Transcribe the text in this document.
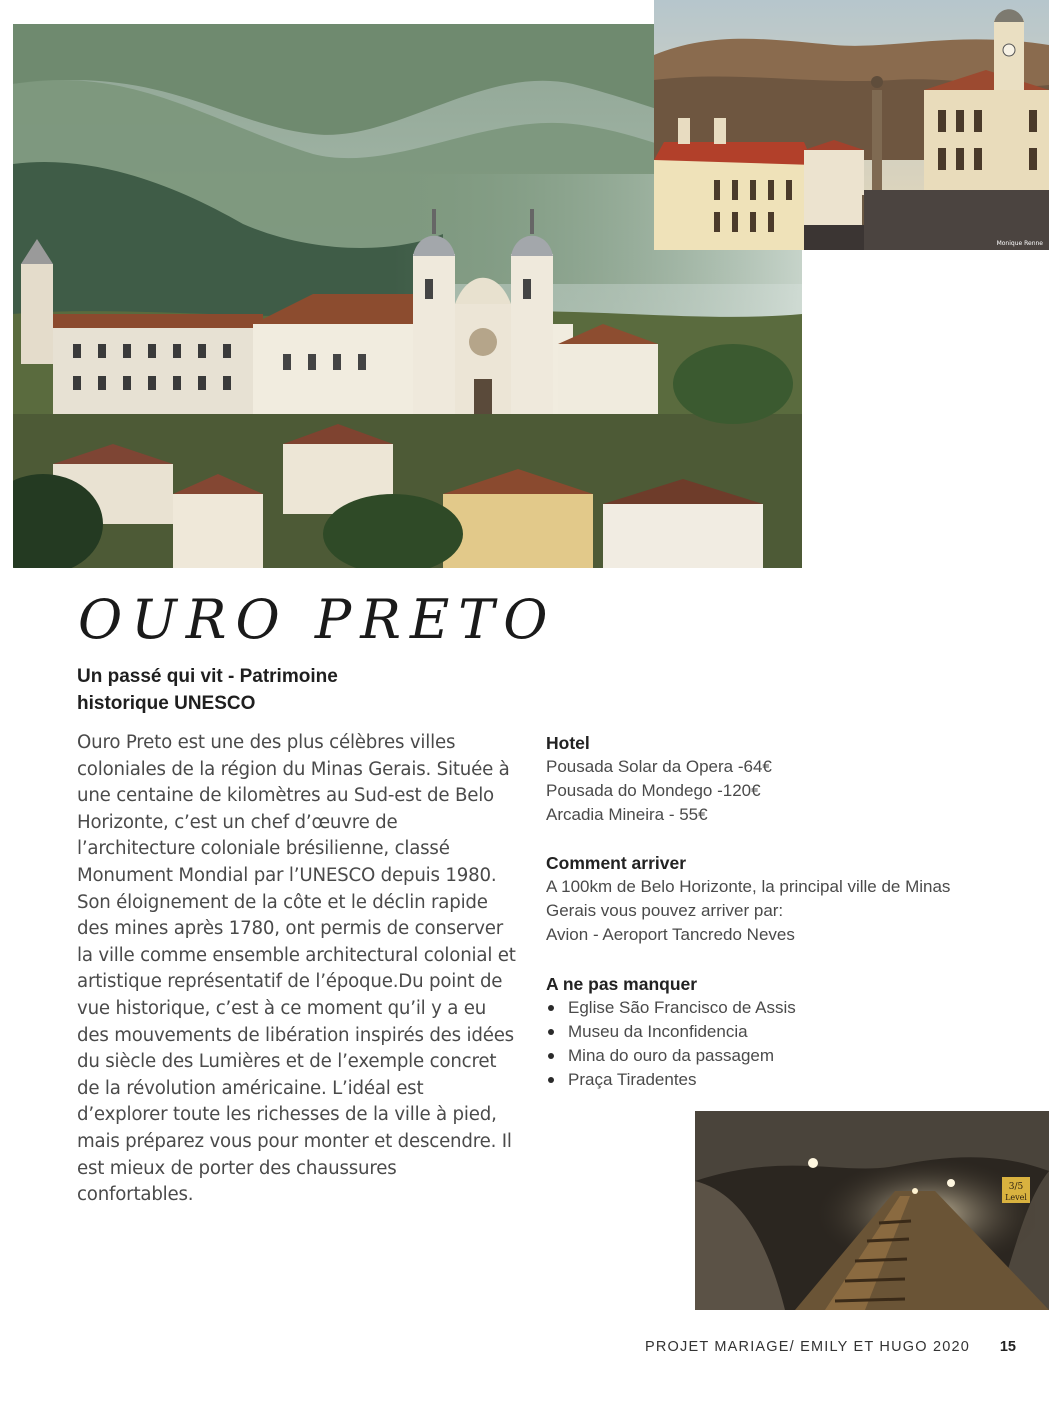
Monique Renne
OURO PRETO
Un passé qui vit - Patrimoine historique UNESCO

Ouro Preto est une des plus célèbres villes coloniales de la région du Minas Gerais. Située à une centaine de kilomètres au Sud-est de Belo Horizonte, c’est un chef d’œuvre de l’architecture coloniale brésilienne, classé Monument Mondial par l’UNESCO depuis 1980. Son éloignement de la côte et le déclin rapide des mines après 1780, ont permis de conserver la ville comme ensemble architectural colonial et artistique représentatif de l’époque.Du point de vue historique, c’est à ce moment qu’il y a eu des mouvements de libération inspirés des idées du siècle des Lumières et de l’exemple concret de la révolution américaine. L’idéal est d’explorer toute les richesses de la ville à pied, mais préparez vous pour monter et descendre. Il est mieux de porter des chaussures confortables.

Hotel
Pousada Solar da Opera -64€
Pousada do Mondego -120€
Arcadia Mineira - 55€
Comment arriver
A 100km de Belo Horizonte, la principal ville de Minas
Gerais vous pouvez arriver par:
Avion - Aeroport Tancredo Neves
A ne pas manquer
Eglise São Francisco de Assis
Museu da Inconfidencia
Mina do ouro da passagem
Praça Tiradentes
3/5
Level
PROJET MARIAGE/ EMILY ET HUGO 2020 15
